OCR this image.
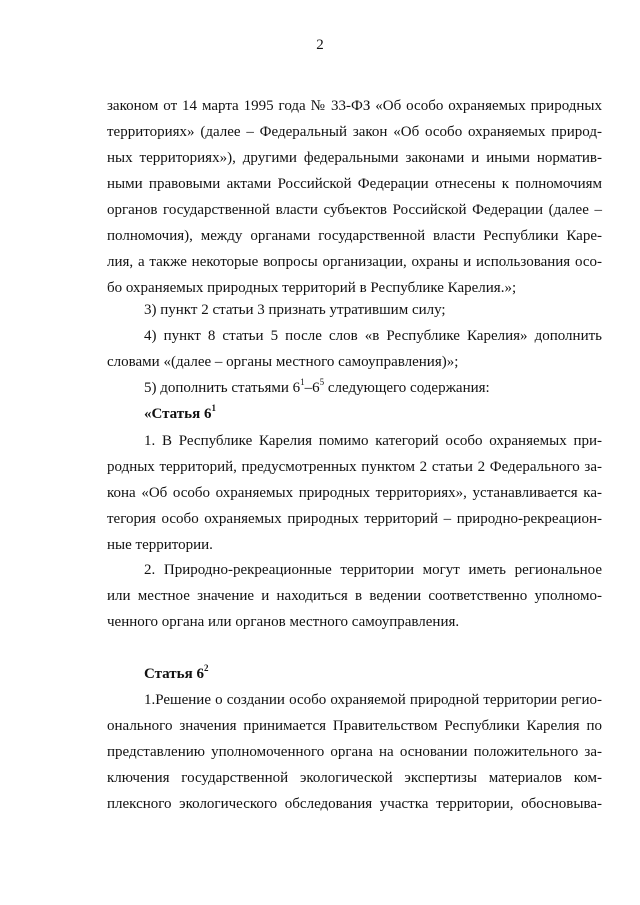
2
законом от 14 марта 1995 года № 33-ФЗ «Об особо охраняемых природных
территориях» (далее – Федеральный закон «Об особо охраняемых природ-
ных территориях»), другими федеральными законами и иными норматив-
ными правовыми актами Российской Федерации отнесены к полномочиям
органов государственной власти субъектов Российской Федерации (далее –
полномочия), между органами государственной власти Республики Каре-
лия, а также некоторые вопросы организации, охраны и использования осо-
бо охраняемых природных территорий в Республике Карелия.»;
3) пункт 2 статьи 3 признать утратившим силу;
4) пункт 8 статьи 5 после слов «в Республике Карелия» дополнить
словами «(далее – органы местного самоуправления)»;
5) дополнить статьями $6^1-6^5$ следующего содержания:
«Статья $6^1$
1. В Республике Карелия помимо категорий особо охраняемых при-
родных территорий, предусмотренных пунктом 2 статьи 2 Федерального за-
кона «Об особо охраняемых природных территориях», устанавливается ка-
тегория особо охраняемых природных территорий – природно-рекреацион-
ные территории.
2. Природно-рекреационные территории могут иметь региональное
или местное значение и находиться в ведении соответственно уполномо-
ченного органа или органов местного самоуправления.
Статья $6^2$
1.Решение о создании особо охраняемой природной территории регио-
онального значения принимается Правительством Республики Карелия по
представлению уполномоченного органа на основании положительного за-
ключения государственной экологической экспертизы материалов ком-
плексного экологического обследования участка территории, обосновыва-
